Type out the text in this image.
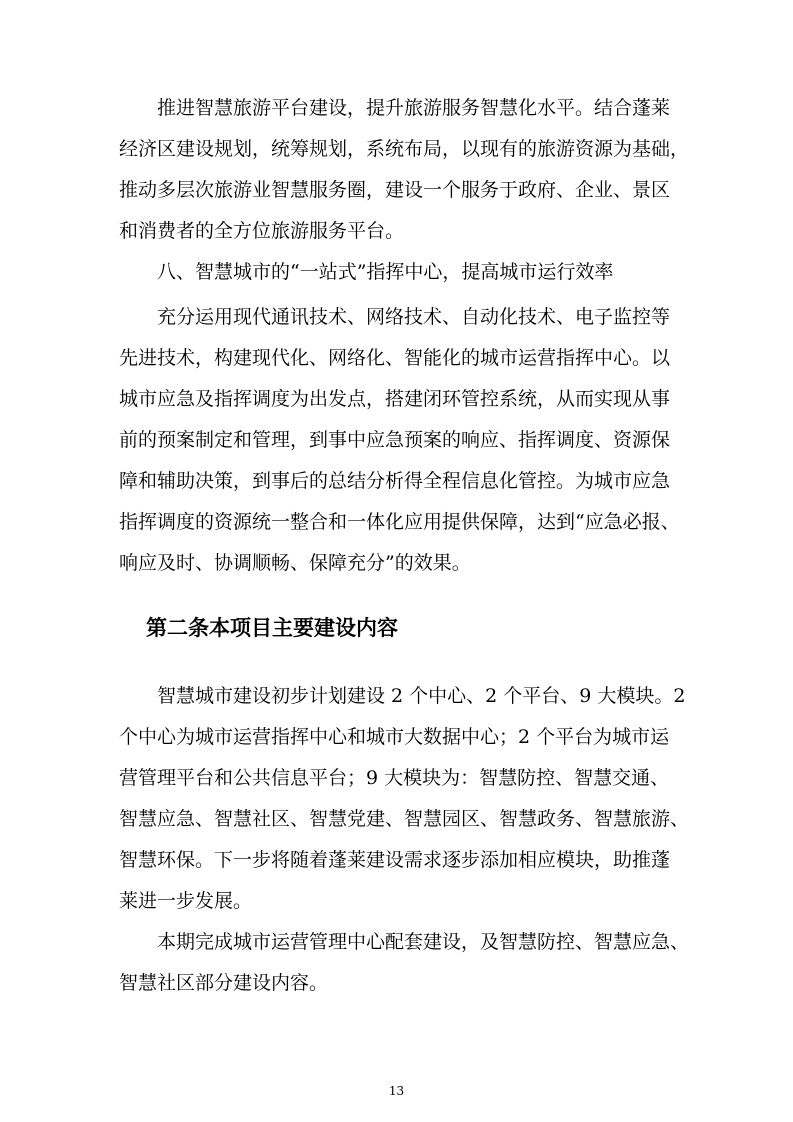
推进智慧旅游平台建设，提升旅游服务智慧化水平。结合蓬莱
经济区建设规划，统筹规划，系统布局，以现有的旅游资源为基础，
推动多层次旅游业智慧服务圈，建设一个服务于政府、企业、景区
和消费者的全方位旅游服务平台。
八、智慧城市的“一站式”指挥中心，提高城市运行效率
充分运用现代通讯技术、网络技术、自动化技术、电子监控等
先进技术，构建现代化、网络化、智能化的城市运营指挥中心。以
城市应急及指挥调度为出发点，搭建闭环管控系统，从而实现从事
前的预案制定和管理，到事中应急预案的响应、指挥调度、资源保
障和辅助决策，到事后的总结分析得全程信息化管控。为城市应急
指挥调度的资源统一整合和一体化应用提供保障，达到“应急必报、
响应及时、协调顺畅、保障充分”的效果。
第二条本项目主要建设内容
智慧城市建设初步计划建设 2 个中心、2 个平台、9 大模块。2
个中心为城市运营指挥中心和城市大数据中心；2 个平台为城市运
营管理平台和公共信息平台；9 大模块为：智慧防控、智慧交通、
智慧应急、智慧社区、智慧党建、智慧园区、智慧政务、智慧旅游、
智慧环保。下一步将随着蓬莱建设需求逐步添加相应模块，助推蓬
莱进一步发展。
本期完成城市运营管理中心配套建设，及智慧防控、智慧应急、
智慧社区部分建设内容。
13
